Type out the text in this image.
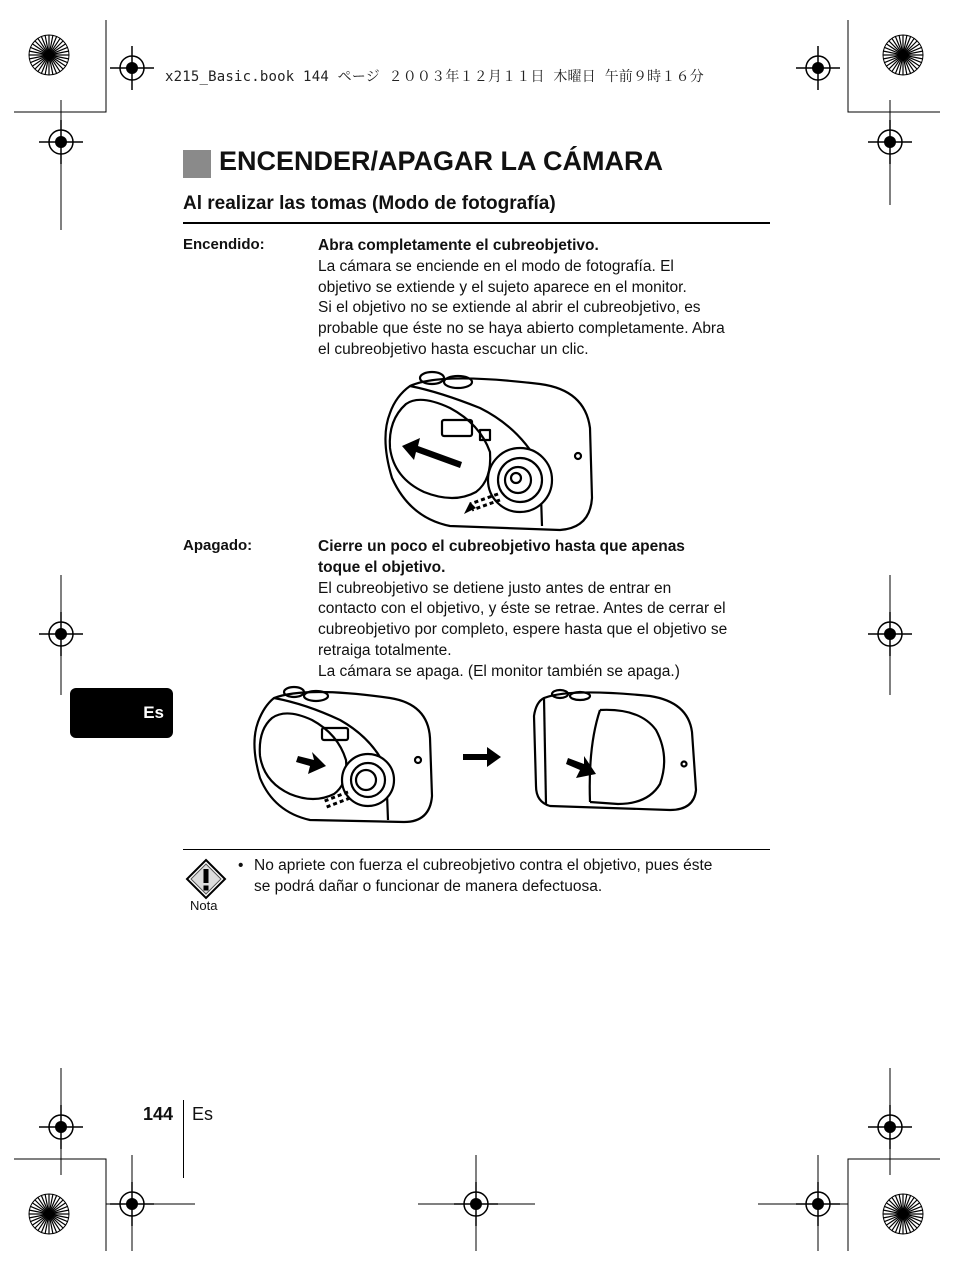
x215_Basic.book 144 ページ ２００３年１２月１１日 木曜日 午前９時１６分
ENCENDER/APAGAR LA CÁMARA
Al realizar las tomas (Modo de fotografía)
Encendido:	Abra completamente el cubreobjetivo.

La cámara se enciende en el modo de fotografía. El

objetivo se extiende y el sujeto aparece en el monitor.

Si el objetivo no se extiende al abrir el cubreobjetivo, es

probable que éste no se haya abierto completamente. Abra

el cubreobjetivo hasta escuchar un clic.

Apagado:	Cierre un poco el cubreobjetivo hasta que apenas

toque el objetivo.

El cubreobjetivo se detiene justo antes de entrar en

contacto con el objetivo, y éste se retrae. Antes de cerrar el

cubreobjetivo por completo, espere hasta que el objetivo se

retraiga totalmente.

La cámara se apaga. (El monitor también se apaga.)

Es
Nota
• No apriete con fuerza el cubreobjetivo contra el objetivo, pues éste
se podrá dañar o funcionar de manera defectuosa.
144 Es
